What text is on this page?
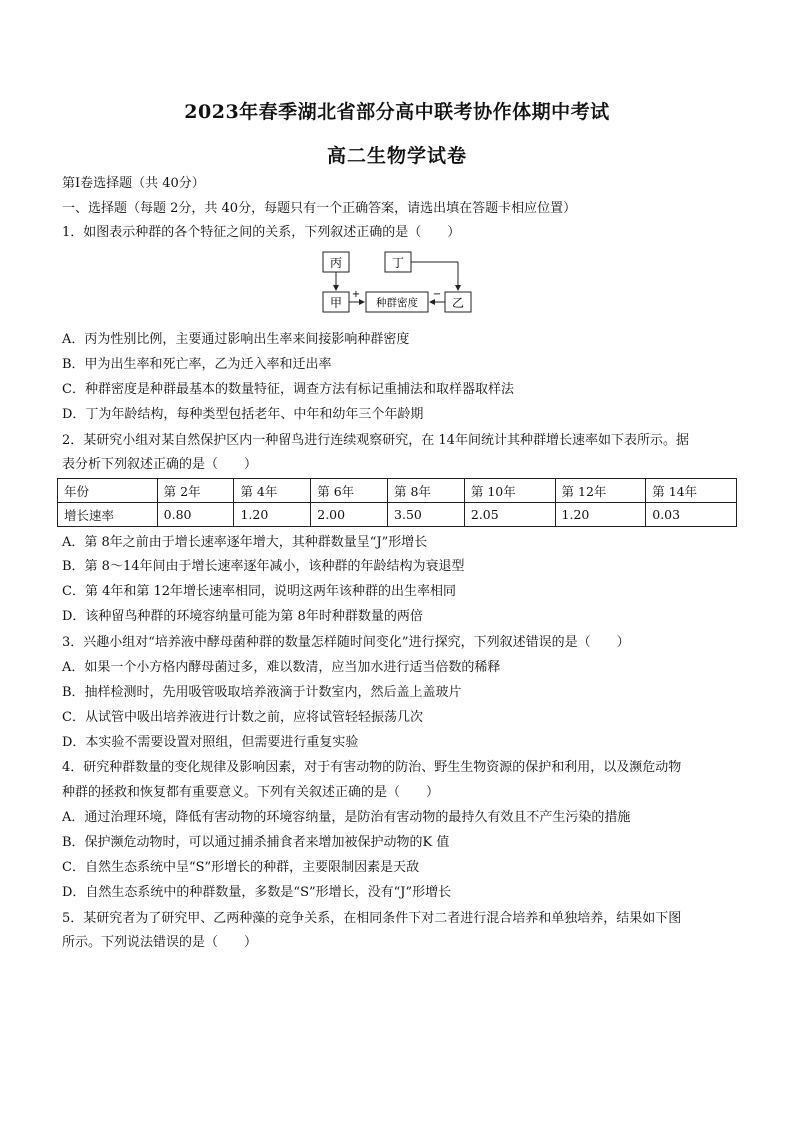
2023年春季湖北省部分高中联考协作体期中考试
高二生物学试卷
第Ⅰ卷选择题（共 40分）
一、选择题（每题 2分，共 40分，每题只有一个正确答案，请选出填在答题卡相应位置）
1．如图表示种群的各个特征之间的关系，下列叙述正确的是（　　）
丙	丁
甲	种群密度	乙
+	−
A．丙为性别比例，主要通过影响出生率来间接影响种群密度
B．甲为出生率和死亡率，乙为迁入率和迁出率
C．种群密度是种群最基本的数量特征，调查方法有标记重捕法和取样器取样法
D．丁为年龄结构，每种类型包括老年、中年和幼年三个年龄期
2．某研究小组对某自然保护区内一种留鸟进行连续观察研究，在 14年间统计其种群增长速率如下表所示。据
表分析下列叙述正确的是（　　）
年份	第 2年	第 4年	第 6年	第 8年	第 10年	第 12年	第 14年
增长速率	0.80	1.20	2.00	3.50	2.05	1.20	0.03
A．第 8年之前由于增长速率逐年增大，其种群数量呈“J”形增长
B．第 8～14年间由于增长速率逐年减小，该种群的年龄结构为衰退型
C．第 4年和第 12年增长速率相同，说明这两年该种群的出生率相同
D．该种留鸟种群的环境容纳量可能为第 8年时种群数量的两倍
3．兴趣小组对“培养液中酵母菌种群的数量怎样随时间变化”进行探究，下列叙述错误的是（　　）
A．如果一个小方格内酵母菌过多，难以数清，应当加水进行适当倍数的稀释
B．抽样检测时，先用吸管吸取培养液滴于计数室内，然后盖上盖玻片
C．从试管中吸出培养液进行计数之前，应将试管轻轻振荡几次
D．本实验不需要设置对照组，但需要进行重复实验
4．研究种群数量的变化规律及影响因素，对于有害动物的防治、野生生物资源的保护和利用，以及濒危动物
种群的拯救和恢复都有重要意义。下列有关叙述正确的是（　　）
A．通过治理环境，降低有害动物的环境容纳量，是防治有害动物的最持久有效且不产生污染的措施
B．保护濒危动物时，可以通过捕杀捕食者来增加被保护动物的K 值
C．自然生态系统中呈“S”形增长的种群，主要限制因素是天敌
D．自然生态系统中的种群数量，多数是“S”形增长，没有“J”形增长
5．某研究者为了研究甲、乙两种藻的竞争关系，在相同条件下对二者进行混合培养和单独培养，结果如下图
所示。下列说法错误的是（　　）
